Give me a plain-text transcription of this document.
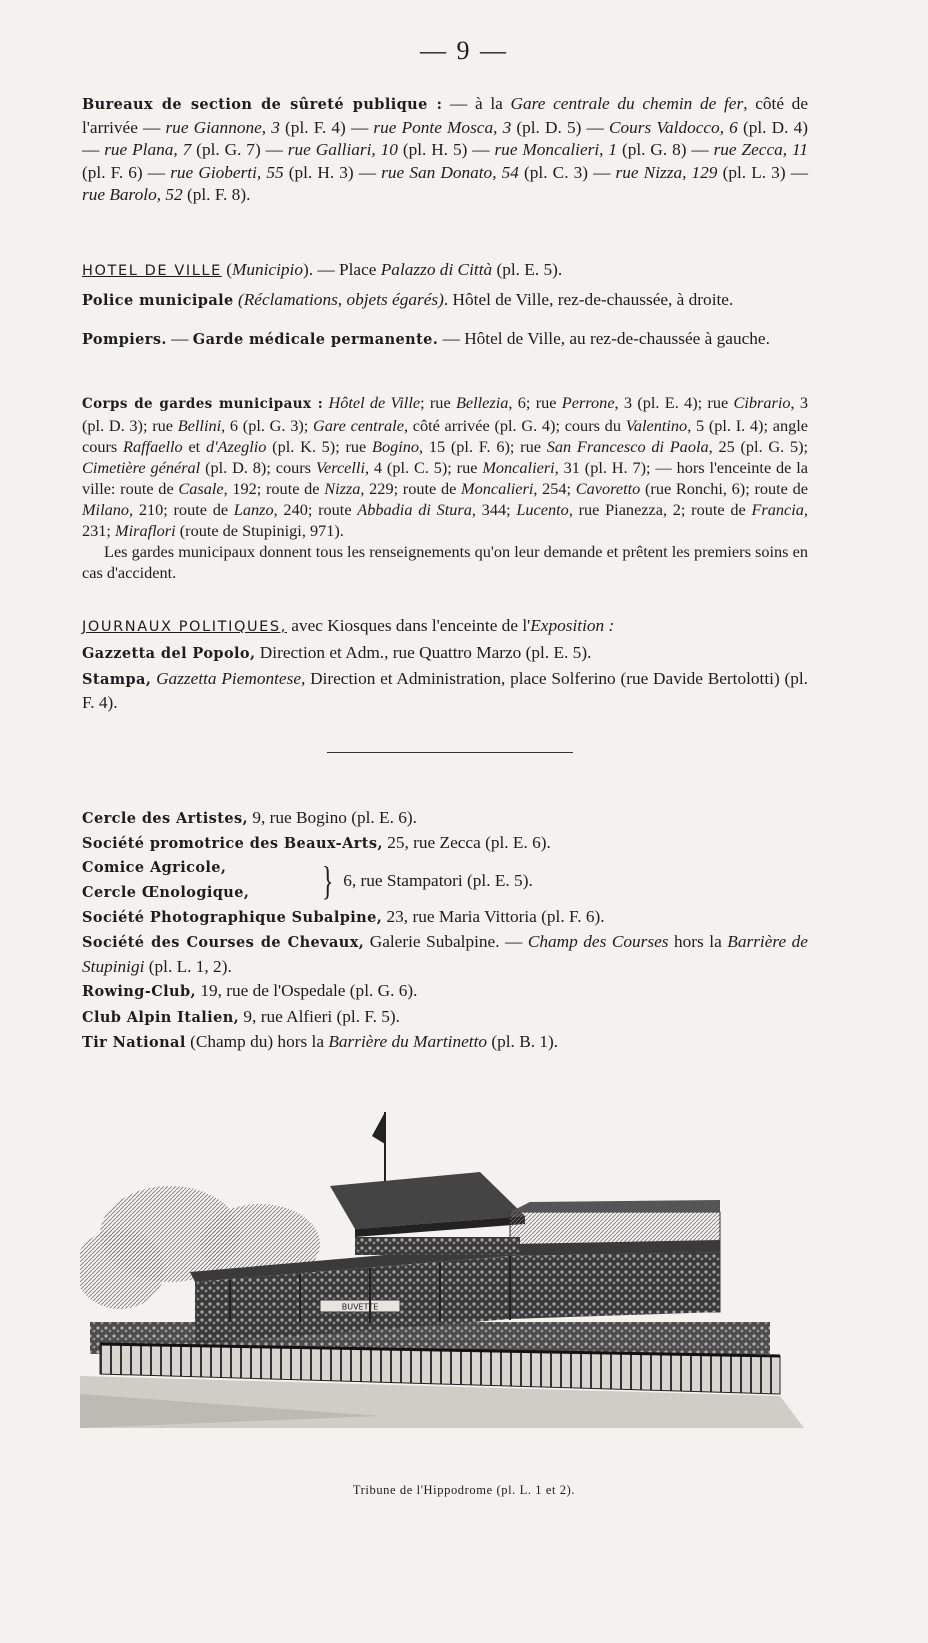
— 9 —

Bureaux de section de sûreté publique : — à la Gare centrale du chemin de fer, côté de l'arrivée — rue Giannone, 3 (pl. F. 4) — rue Ponte Mosca, 3 (pl. D. 5) — Cours Valdocco, 6 (pl. D. 4) — rue Plana, 7 (pl. G. 7) — rue Galliari, 10 (pl. H. 5) — rue Moncalieri, 1 (pl. G. 8) — rue Zecca, 11 (pl. F. 6) — rue Gioberti, 55 (pl. H. 3) — rue San Donato, 54 (pl. C. 3) — rue Nizza, 129 (pl. L. 3) — rue Barolo, 52 (pl. F. 8).

HOTEL DE VILLE (Municipio). — Place Palazzo di Città (pl. E. 5).

Police municipale (Réclamations, objets égarés). Hôtel de Ville, rez-de-chaussée, à droite.

Pompiers. — Garde médicale permanente. — Hôtel de Ville, au rez-de-chaussée à gauche.

Corps de gardes municipaux : Hôtel de Ville; rue Bellezia, 6; rue Perrone, 3 (pl. E. 4); rue Cibrario, 3 (pl. D. 3); rue Bellini, 6 (pl. G. 3); Gare centrale, côté arrivée (pl. G. 4); cours du Valentino, 5 (pl. I. 4); angle cours Raffaello et d'Azeglio (pl. K. 5); rue Bogino, 15 (pl. F. 6); rue San Francesco di Paola, 25 (pl. G. 5); Cimetière général (pl. D. 8); cours Vercelli, 4 (pl. C. 5); rue Moncalieri, 31 (pl. H. 7); — hors l'enceinte de la ville: route de Casale, 192; route de Nizza, 229; route de Moncalieri, 254; Cavoretto (rue Ronchi, 6); route de Milano, 210; route de Lanzo, 240; route Abbadia di Stura, 344; Lucento, rue Pianezza, 2; route de Francia, 231; Miraflori (route de Stupinigi, 971).

Les gardes municipaux donnent tous les renseignements qu'on leur demande et prêtent les premiers soins en cas d'accident.

JOURNAUX POLITIQUES, avec Kiosques dans l'enceinte de l'Exposition :

Gazzetta del Popolo, Direction et Adm., rue Quattro Marzo (pl. E. 5).

Stampa, Gazzetta Piemontese, Direction et Administration, place Solferino (rue Davide Bertolotti) (pl. F. 4).

Cercle des Artistes, 9, rue Bogino (pl. E. 6).

Société promotrice des Beaux-Arts, 25, rue Zecca (pl. E. 6).

Comice Agricole,
Cercle Œnologique,	} 6, rue Stampatori (pl. E. 5).

Société Photographique Subalpine, 23, rue Maria Vittoria (pl. F. 6).

Société des Courses de Chevaux, Galerie Subalpine. — Champ des Courses hors la Barrière de Stupinigi (pl. L. 1, 2).

Rowing-Club, 19, rue de l'Ospedale (pl. G. 6).

Club Alpin Italien, 9, rue Alfieri (pl. F. 5).

Tir National (Champ du) hors la Barrière du Martinetto (pl. B. 1).

BUVETTE
Tribune de l'Hippodrome (pl. L. 1 et 2).
